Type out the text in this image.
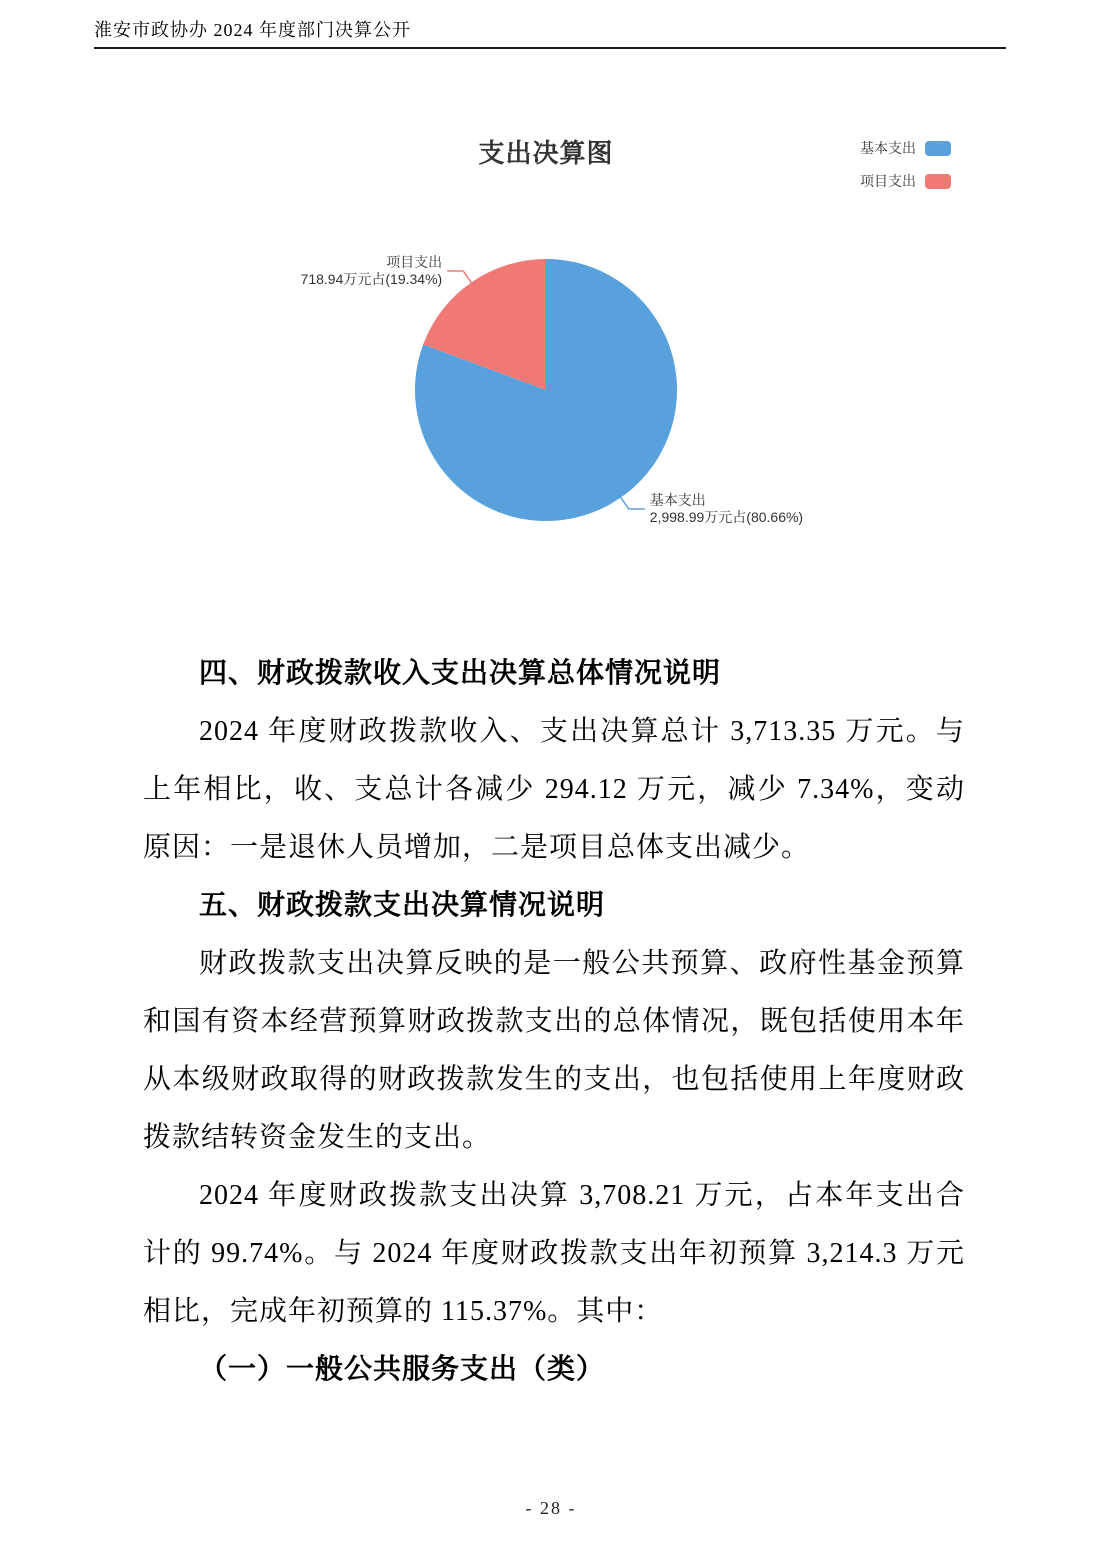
淮安市政协办 2024 年度部门决算公开
支出决算图	基本支出
项目支出
基本支出
2,998.99万元占(80.66%)
项目支出
718.94万元占(19.34%)
四、财政拨款收入支出决算总体情况说明
2024 年度财政拨款收入、支出决算总计 3,713.35 万元。与上年相比，收、支总计各减少 294.12 万元，减少 7.34%，变动原因：一是退休人员增加，二是项目总体支出减少。
五、财政拨款支出决算情况说明
财政拨款支出决算反映的是一般公共预算、政府性基金预算和国有资本经营预算财政拨款支出的总体情况，既包括使用本年从本级财政取得的财政拨款发生的支出，也包括使用上年度财政拨款结转资金发生的支出。
2024 年度财政拨款支出决算 3,708.21 万元，占本年支出合计的 99.74%。与 2024 年度财政拨款支出年初预算 3,214.3 万元相比，完成年初预算的 115.37%。其中：
（一）一般公共服务支出（类）
- 28 -
